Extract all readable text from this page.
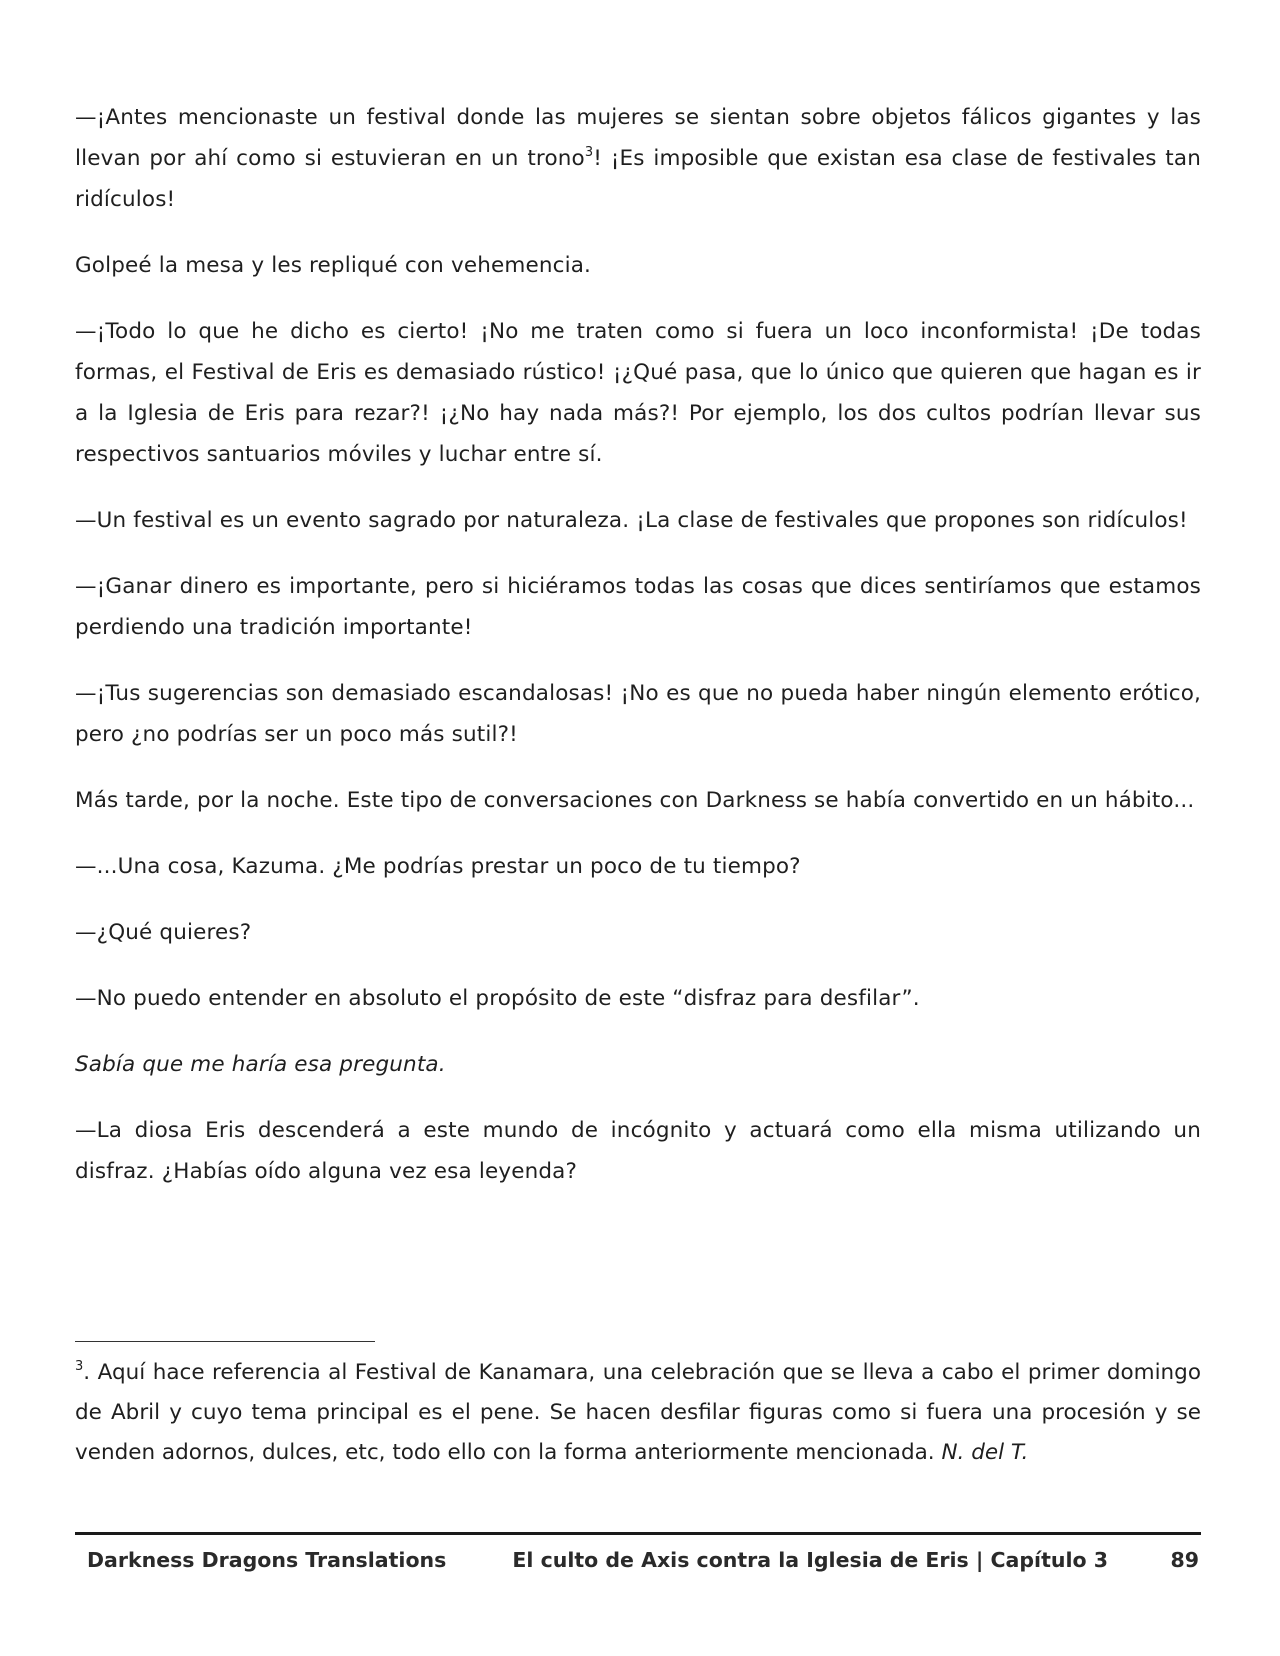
—¡Antes mencionaste un festival donde las mujeres se sientan sobre objetos fálicos gigantes y las llevan por ahí como si estuvieran en un trono$^3$! ¡Es imposible que existan esa clase de festivales tan ridículos!

Golpeé la mesa y les repliqué con vehemencia.

—¡Todo lo que he dicho es cierto! ¡No me traten como si fuera un loco inconformista! ¡De todas formas, el Festival de Eris es demasiado rústico! ¡¿Qué pasa, que lo único que quieren que hagan es ir a la Iglesia de Eris para rezar?! ¡¿No hay nada más?! Por ejemplo, los dos cultos podrían llevar sus respectivos santuarios móviles y luchar entre sí.

—Un festival es un evento sagrado por naturaleza. ¡La clase de festivales que propones son ridículos!

—¡Ganar dinero es importante, pero si hiciéramos todas las cosas que dices sentiríamos que estamos perdiendo una tradición importante!

—¡Tus sugerencias son demasiado escandalosas! ¡No es que no pueda haber ningún elemento erótico, pero ¿no podrías ser un poco más sutil?!

Más tarde, por la noche. Este tipo de conversaciones con Darkness se había convertido en un hábito...

—...Una cosa, Kazuma. ¿Me podrías prestar un poco de tu tiempo?

—¿Qué quieres?

—No puedo entender en absoluto el propósito de este “disfraz para desfilar”.

Sabía que me haría esa pregunta.

—La diosa Eris descenderá a este mundo de incógnito y actuará como ella misma utilizando un disfraz. ¿Habías oído alguna vez esa leyenda?

$^3$. Aquí hace referencia al Festival de Kanamara, una celebración que se lleva a cabo el primer domingo de Abril y cuyo tema principal es el pene. Se hacen desfilar figuras como si fuera una procesión y se venden adornos, dulces, etc, todo ello con la forma anteriormente mencionada. N. del T.

Darkness Dragons Translations	El culto de Axis contra la Iglesia de Eris | Capítulo 3	89
